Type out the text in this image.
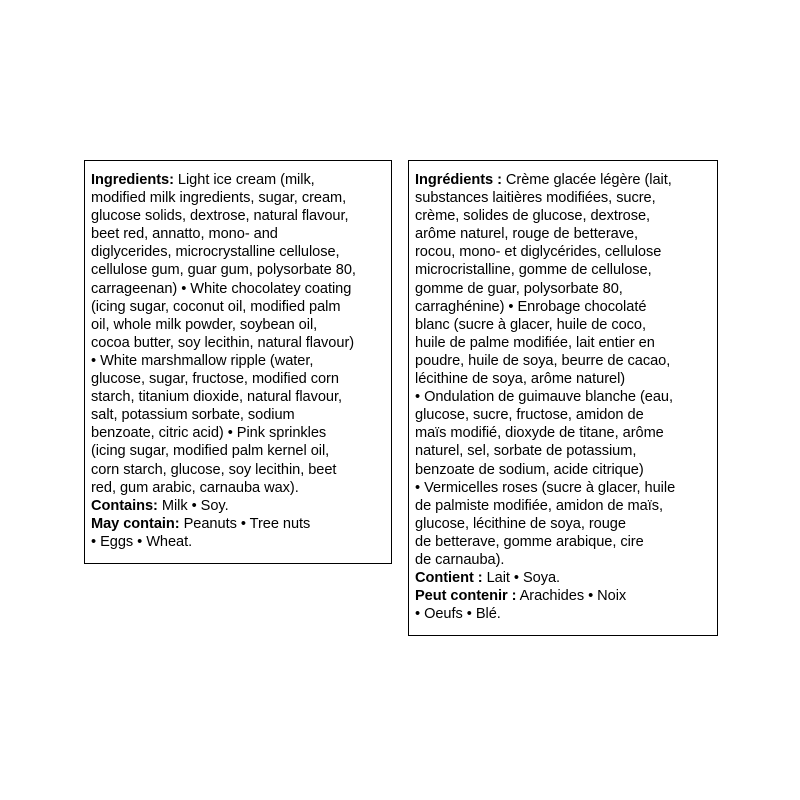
Ingredients: Light ice cream (milk,
modified milk ingredients, sugar, cream,
glucose solids, dextrose, natural flavour,
beet red, annatto, mono- and
diglycerides, microcrystalline cellulose,
cellulose gum, guar gum, polysorbate 80,
carrageenan) • White chocolatey coating
(icing sugar, coconut oil, modified palm
oil, whole milk powder, soybean oil,
cocoa butter, soy lecithin, natural flavour)
• White marshmallow ripple (water,
glucose, sugar, fructose, modified corn
starch, titanium dioxide, natural flavour,
salt, potassium sorbate, sodium
benzoate, citric acid) • Pink sprinkles
(icing sugar, modified palm kernel oil,
corn starch, glucose, soy lecithin, beet
red, gum arabic, carnauba wax).
Contains: Milk • Soy.
May contain: Peanuts • Tree nuts
• Eggs • Wheat.
Ingrédients : Crème glacée légère (lait,
substances laitières modifiées, sucre,
crème, solides de glucose, dextrose,
arôme naturel, rouge de betterave,
rocou, mono- et diglycérides, cellulose
microcristalline, gomme de cellulose,
gomme de guar, polysorbate 80,
carraghénine) • Enrobage chocolaté
blanc (sucre à glacer, huile de coco,
huile de palme modifiée, lait entier en
poudre, huile de soya, beurre de cacao,
lécithine de soya, arôme naturel)
• Ondulation de guimauve blanche (eau,
glucose, sucre, fructose, amidon de
maïs modifié, dioxyde de titane, arôme
naturel, sel, sorbate de potassium,
benzoate de sodium, acide citrique)
• Vermicelles roses (sucre à glacer, huile
de palmiste modifiée, amidon de maïs,
glucose, lécithine de soya, rouge
de betterave, gomme arabique, cire
de carnauba).
Contient : Lait • Soya.
Peut contenir : Arachides • Noix
• Oeufs • Blé.
